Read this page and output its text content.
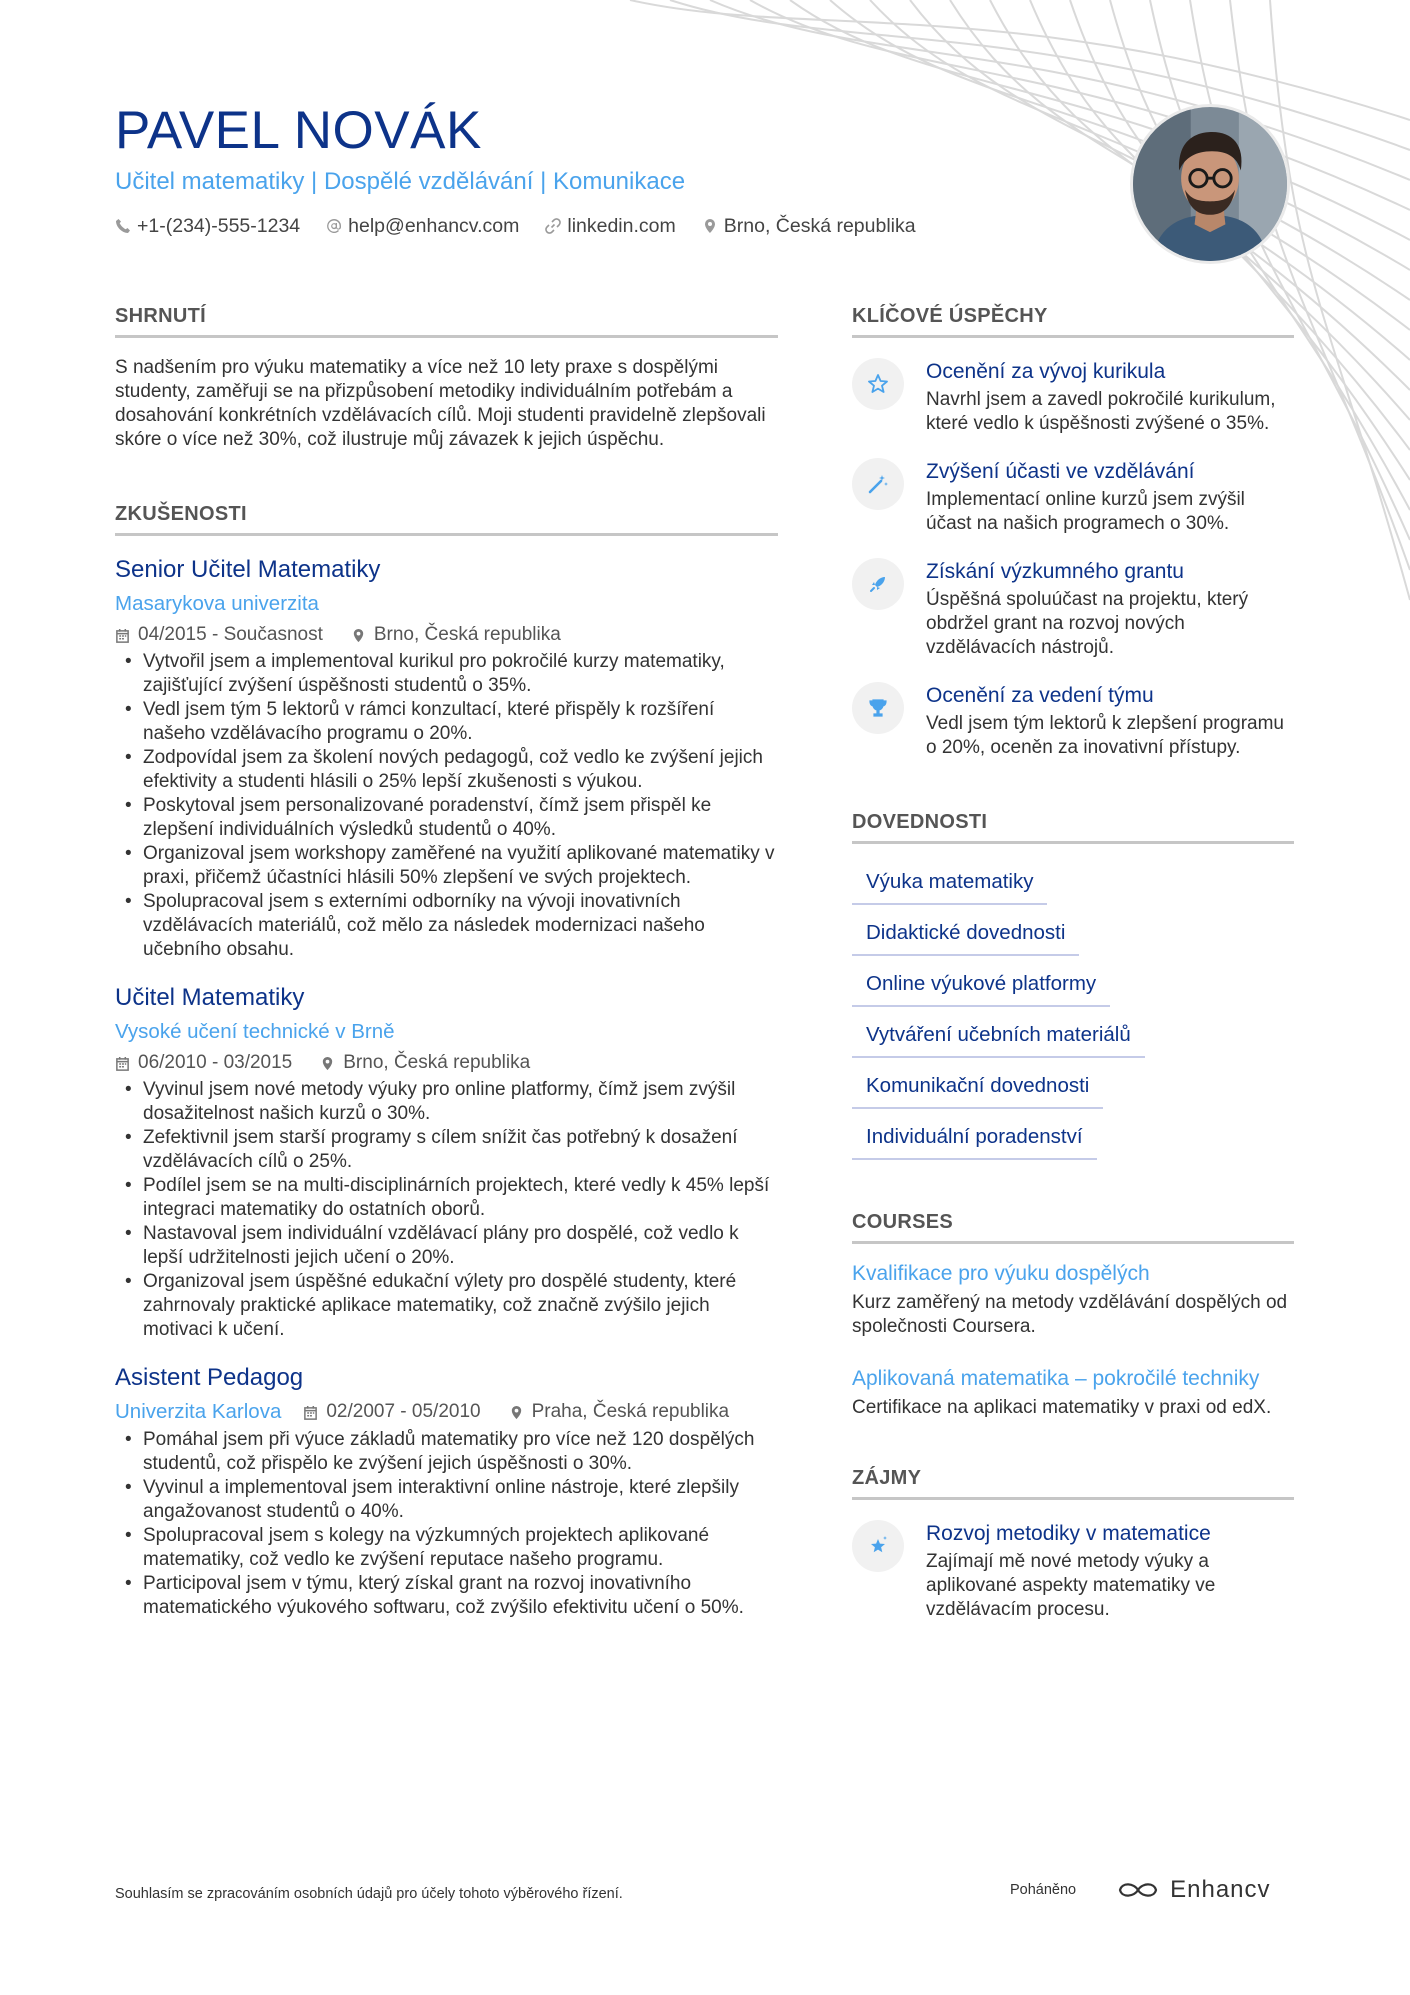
PAVEL NOVÁK
Učitel matematiky | Dospělé vzdělávání | Komunikace
+1-(234)-555-1234 help@enhancv.com linkedin.com Brno, Česká republika
SHRNUTÍ

S nadšením pro výuku matematiky a více než 10 lety praxe s dospělými studenty, zaměřuji se na přizpůsobení metodiky individuálním potřebám a dosahování konkrétních vzdělávacích cílů. Moji studenti pravidelně zlepšovali skóre o více než 30%, což ilustruje můj závazek k jejich úspěchu.

ZKUŠENOSTI
Senior Učitel Matematiky
Masarykova univerzita
04/2015 - Současnost	Brno, Česká republika
• Vytvořil jsem a implementoval kurikul pro pokročilé kurzy matematiky, zajišťující zvýšení úspěšnosti studentů o 35%.
• Vedl jsem tým 5 lektorů v rámci konzultací, které přispěly k rozšíření našeho vzdělávacího programu o 20%.
• Zodpovídal jsem za školení nových pedagogů, což vedlo ke zvýšení jejich efektivity a studenti hlásili o 25% lepší zkušenosti s výukou.
• Poskytoval jsem personalizované poradenství, čímž jsem přispěl ke zlepšení individuálních výsledků studentů o 40%.
• Organizoval jsem workshopy zaměřené na využití aplikované matematiky v praxi, přičemž účastníci hlásili 50% zlepšení ve svých projektech.
• Spolupracoval jsem s externími odborníky na vývoji inovativních vzdělávacích materiálů, což mělo za následek modernizaci našeho učebního obsahu.
Učitel Matematiky
Vysoké učení technické v Brně
06/2010 - 03/2015	Brno, Česká republika
• Vyvinul jsem nové metody výuky pro online platformy, čímž jsem zvýšil dosažitelnost našich kurzů o 30%.
• Zefektivnil jsem starší programy s cílem snížit čas potřebný k dosažení vzdělávacích cílů o 25%.
• Podílel jsem se na multi-disciplinárních projektech, které vedly k 45% lepší integraci matematiky do ostatních oborů.
• Nastavoval jsem individuální vzdělávací plány pro dospělé, což vedlo k lepší udržitelnosti jejich učení o 20%.
• Organizoval jsem úspěšné edukační výlety pro dospělé studenty, které zahrnovaly praktické aplikace matematiky, což značně zvýšilo jejich motivaci k učení.
Asistent Pedagog
Univerzita Karlova 02/2007 - 05/2010	Praha, Česká republika
• Pomáhal jsem při výuce základů matematiky pro více než 120 dospělých studentů, což přispělo ke zvýšení jejich úspěšnosti o 30%.
• Vyvinul a implementoval jsem interaktivní online nástroje, které zlepšily angažovanost studentů o 40%.
• Spolupracoval jsem s kolegy na výzkumných projektech aplikované matematiky, což vedlo ke zvýšení reputace našeho programu.
• Participoval jsem v týmu, který získal grant na rozvoj inovativního matematického výukového softwaru, což zvýšilo efektivitu učení o 50%.
KLÍČOVÉ ÚSPĚCHY
Ocenění za vývoj kurikula
Navrhl jsem a zavedl pokročilé kurikulum, které vedlo k úspěšnosti zvýšené o 35%.
Zvýšení účasti ve vzdělávání
Implementací online kurzů jsem zvýšil účast na našich programech o 30%.
Získání výzkumného grantu
Úspěšná spoluúčast na projektu, který obdržel grant na rozvoj nových vzdělávacích nástrojů.
Ocenění za vedení týmu
Vedl jsem tým lektorů k zlepšení programu o 20%, oceněn za inovativní přístupy.
DOVEDNOSTI
Výuka matematiky
Didaktické dovednosti
Online výukové platformy
Vytváření učebních materiálů
Komunikační dovednosti
Individuální poradenství
COURSES
Kvalifikace pro výuku dospělých
Kurz zaměřený na metody vzdělávání dospělých od společnosti Coursera.
Aplikovaná matematika – pokročilé techniky
Certifikace na aplikaci matematiky v praxi od edX.
ZÁJMY
Rozvoj metodiky v matematice
Zajímají mě nové metody výuky a aplikované aspekty matematiky ve vzdělávacím procesu.
Souhlasím se zpracováním osobních údajů pro účely tohoto výběrového řízení.	Poháněno	Enhancv
